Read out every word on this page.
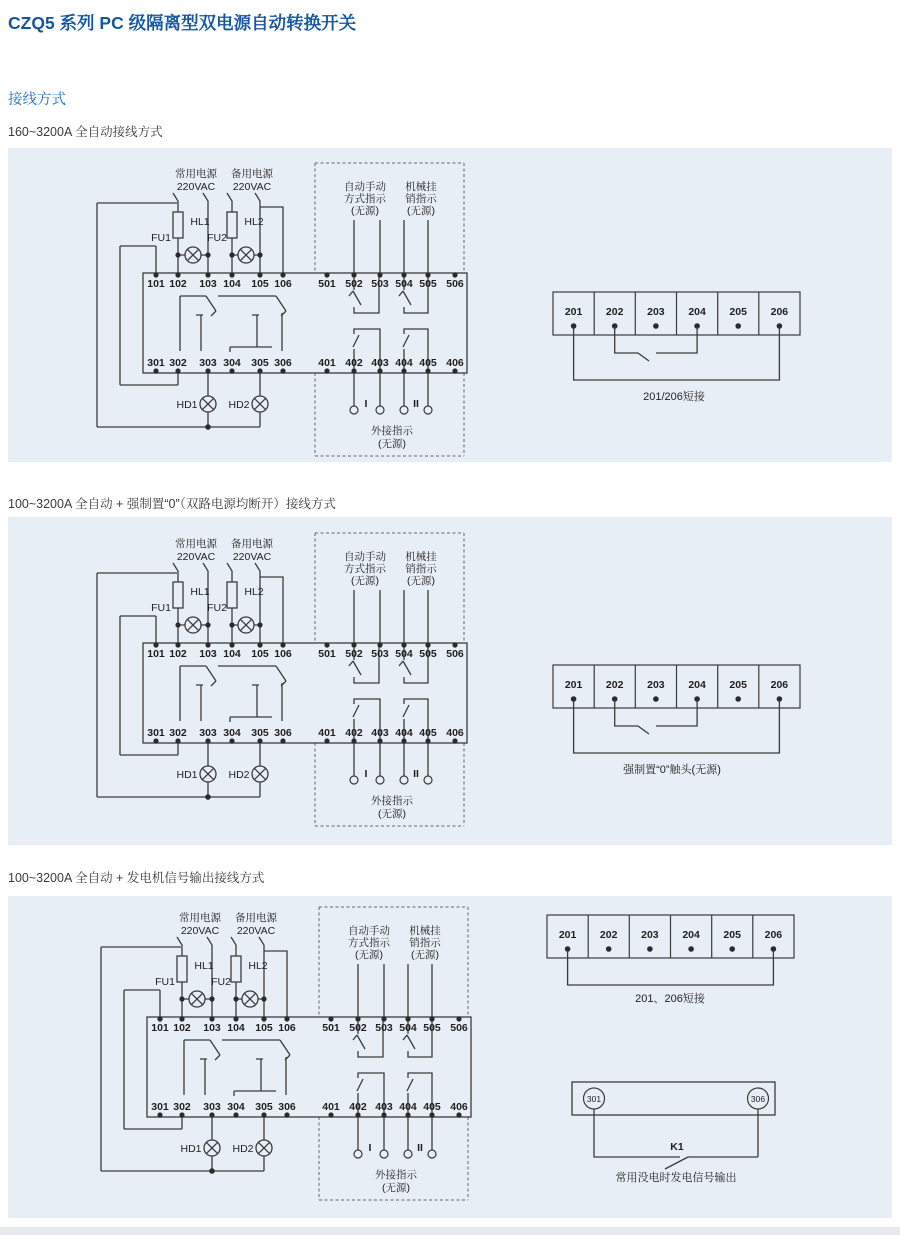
CZQ5 系列 PC 级隔离型双电源自动转换开关
接线方式
160~3200A 全自动接线方式
100~3200A 全自动 + 强制置“0”（双路电源均断开）接线方式
100~3200A 全自动 + 发电机信号输出接线方式
常用电源
220VAC
备用电源
220VAC
FU1
HL1
FU2
HL2
HD1	HD2
自动手动
方式指示
(无源)
机械挂
销指示
(无源)
外接指示
(无源)
I	II
101 102 103 104 105 106	501 502 503 504 505 506
301 302 303 304 305 306	401 402 403 404 405 406
201 202 203 204 205 206
201/206短接
强制置“0”触头(无源)
201、206短接
301	306
K1
常用没电时发电信号输出
